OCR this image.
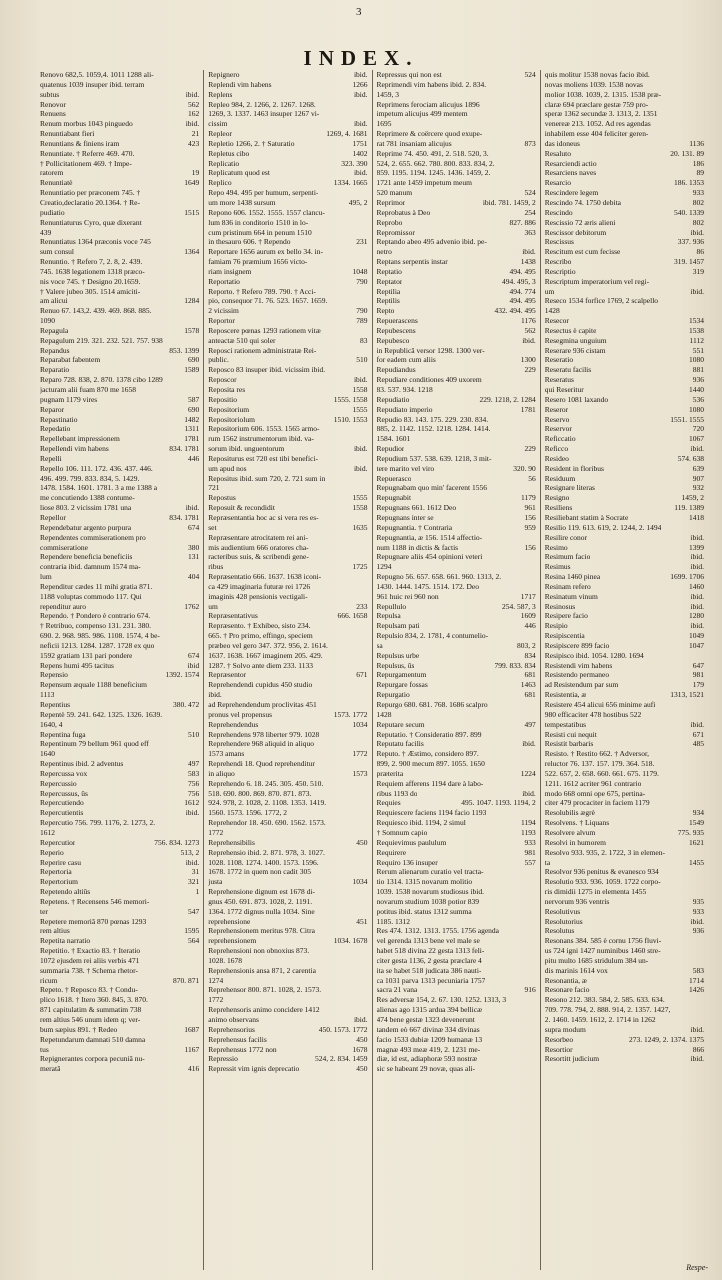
3
INDEX.
Renovo 682,5. 1059,4. 1011 1288 ali-
quatenus 1039 insuper ibid. terram
subtus	ibid.
Renovor	562
Renuens	162
Renum morbus 1043 pinguedo	ibid.
Renuntiabant fieri	21
Renuntians & finiens iram	423
Renuntiate. † Referre 469. 470.
† Pollicitationem 469. † Impe-
ratorem	19
Renuntiatè	1649
Renuntiatio per præconem 745. †
Creatio,declaratio 20.1364. † Re-
pudiatio	1515
Renuntiaturus Cyro, quæ dixerant
439
Renuntiatus 1364 præconis voce 745
sum consul	1364
Renuntio. † Refero 7, 2. 8, 2. 439.
745. 1638 legationem 1318 præco-
nis voce 745. † Designo 20.1659.
† Valere jubeo 305. 1514 amiciti-
am alicui	1284
Renuo 67. 143,2. 439. 469. 868. 885.
1090
Repagula	1578
Repagulum 219. 321. 232. 521. 757. 938
Repandus	853. 1399
Reparabat fabentem	690
Reparatio	1589
Reparo 728. 838, 2. 870. 1378 cibo 1289
jacturam alii fuam 870 me 1658
pugnam 1179 vires	587
Reparor	690
Repastinatio	1482
Repedatio	1311
Repellebant impressionem	1781
Repellendi vim habens	834. 1781
Repelli	446
Repello 106. 111. 172. 436. 437. 446.
496. 499. 799. 833. 834, 5. 1429.
1478. 1584. 1601. 1781. 3 a me 1388 a
me concutiendo 1388 contume-
liose 803. 2 vicissim 1781 una	ibid.
Repellor	834. 1781
Rependebatur argento purpura	674
Rependentes commiserationem pro
commiseratione	380
Rependere beneficia beneficiis	131
contraria ibid. damnum 1574 ma-
lum	404
Rependitur cædes 11 mihi gratia 871.
1188 voluptas commodo 117. Qui
rependitur auro	1762
Rependo. † Pondero è contrario 674.
† Retribuo, compenso 131. 231. 380.
690. 2. 968. 985. 986. 1108. 1574, 4 be-
neficii 1213. 1284. 1287. 1728 ex quo
1592 gratiam 131 pari pondere	674
Repens humi 495 tacitus	ibid
Repensio	1392. 1574
Repensum æquale 1188 beneficium
1113
Repentius	380. 472
Repentè 59. 241. 642. 1325. 1326. 1639.
1640, 4
Repentina fuga	510
Repentinum 79 bellum 961 quod eff
1640
Repentinus ibid. 2 adventus	497
Repercussa vox	583
Repercussio	756
Repercussus, ûs	756
Repercutiendo	1612
Repercutientis	ibid.
Repercutio 756. 799. 1176, 2. 1273, 2.
1612
Repercutior	756. 834. 1273
Reperio	513, 2
Reperire casu	ibid.
Repertoria	31
Repertorium	321
Repetendo altiûs	1
Repetens. † Recensens 546 memori-
ter	547
Repetere memoriâ 870 pœnas 1293
rem altius	1595
Repetita narratio	564
Repetitio. † Exactio 83. † Iteratio
1072 ejusdem rei aliis verbis 471
summaria 738. † Schema rhetor-
ricum	870. 871
Repeto. † Reposco 83. † Condu-
plico 1618. † Itero 360. 845, 3. 870.
871 capitulatim & summatim 738
rem altius 546 unum idem q; ver-
bum sæpius 891. † Redeo	1687
Repetundarum damnati 510 damna
tus	1167
Repignerantes corpora pecuniâ nu-
meratâ	416
Repignero	ibid.
Replendi vim habens	1266
Replens	ibid.
Repleo 984, 2. 1266, 2. 1267. 1268.
1269, 3. 1337. 1463 insuper 1267 vi-
cissim	ibid.
Repleor	1269, 4. 1681
Repletio 1266, 2. † Saturatio	1751
Repletus cibo	1402
Replicatio	323. 390
Replicatum quod est	ibid.
Replico	1334. 1665
Repo 494. 495 per humum, serpenti-
um more 1438 sursum	495, 2
Repono 606. 1552. 1555. 1557 clancu-
lum 836 in conditorio 1510 in lo-
cum pristinum 664 in penum 1510
in thesauro 606. † Rependo	231
Reportare 1656 aurum ex bello 34. in-
famiam 76 præmium 1656 victo-
riam insignem	1048
Reportatio	790
Reporto. † Refero 789. 790. † Acci-
pio, consequor 71. 76. 523. 1657. 1659.
2 vicissim	790
Reportor	789
Reposcere pœnas 1293 rationem vitæ
anteactæ 510 qui soler	83
Reposci rationem administratæ Rei-
public.	510
Reposco 83 insuper ibid. vicissim ibid.
Reposcor	ibid.
Reposita res	1558
Repositio	1555. 1558
Repositorium	1555
Repositoriolum	1510. 1553
Repositorium 606. 1553. 1565 armo-
rum 1562 instrumentorum ibid. va-
sorum ibid. unguentorum	ibid.
Repositurus est 720 est tibi benefici-
um apud nos	ibid.
Repositus ibid. sum 720, 2. 721 sum in
721
Repostus	1555
Reposuit & recondidit	1558
Repræsentantia hoc ac si vera res es-
set	1635
Repræsentare atrocitatem rei ani-
mis audientium 666 oratores cha-
racteribus suis, & scribendi gene-
ribus	1725
Repræsentatio 666. 1637. 1638 iconi-
ca 429 imaginaria futuræ rei 1726
imaginis 428 pensionis vectigali-
um	233
Repræsentativus	666. 1658
Repræsento. † Exhibeo, sisto 234.
665. † Pro primo, effingo, speciem
præbeo vel gero 347. 372. 956, 2. 1614.
1637. 1638. 1667 imaginem 205. 429.
1287. † Solvo ante diem 233. 1133
Repræsentor	671
Reprehendendi cupidus 450 studio
ibid.
ad Reprehendendum proclivitas 451
pronus vel propensus	1573. 1772
Reprehendendus	1034
Reprehendens 978 liberter 979. 1028
Reprehendere 968 aliquid in aliquo
1573 amans	1772
Reprehendi 18. Quod reprehenditur
in aliquo	1573
Reprehendo 6. 18. 245. 305. 450. 510.
518. 690. 800. 869. 870. 871. 873.
924. 978, 2. 1028, 2. 1108. 1353. 1419.
1560. 1573. 1596. 1772, 2
Reprehendor 18. 450. 690. 1562. 1573.
1772
Reprehensibilis	450
Reprehensio ibid. 2. 871. 978, 3. 1027.
1028. 1108. 1274. 1400. 1573. 1596.
1678. 1772 in quem non cadit 305
justa	1034
Reprehensione dignum est 1678 di-
gnus 450. 691. 873. 1028, 2. 1191.
1364. 1772 dignus nulla 1034. Sine
reprehensione	451
Reprehensionem meritus 978. Citra
reprehensionem	1034. 1678
Reprehensioni non obnoxius 873.
1028. 1678
Reprehensionis ansa 871, 2 carentia
1274
Reprehensor 800. 871. 1028, 2. 1573.
1772
Reprehensoris animo concidere 1412
animo observans	ibid.
Reprehensorius	450. 1573. 1772
Reprehensus facilis	450
Reprehensus 1772 non	1678
Repressio	524, 2. 834. 1459
Repressit vim ignis deprecatio	450
Repressus qui non est	524
Reprimendi vim habens ibid. 2. 834.
1459, 3
Reprimens ferociam alicujus 1896
impetum alicujus 499 mentem
1695
Reprimere & coërcere quod exupe-
rat 781 insaniam alicujus	873
Reprime 74. 450. 491, 2. 518. 520, 3.
524, 2. 655. 662. 780. 800. 833. 834, 2.
859. 1195. 1194. 1245. 1436. 1459, 2.
1721 ante 1459 impetum meum
520 manum	524
Reprimor	ibid. 781. 1459, 2
Reprobatus à Deo	254
Reprobo	827. 886
Repromissor	363
Reptando abeo 495 advenio ibid. pe-
netro	ibid.
Reptans serpentis instar	1438
Reptatio	494. 495
Reptator	494. 495, 3
Reptilia	494. 774
Reptilis	494. 495
Repto	432. 494. 495
Repuerascens	1176
Repubescens	562
Repubesco	ibid.
in Republicâ versor 1298. 1300 ver-
for eadem cum aliis	1300
Repudiandus	229
Repudiare conditiones 409 uxorem
83. 537. 934. 1218
Repudiatio	229. 1218, 2. 1284
Repudiato imperio	1781
Repudio 83. 143. 175. 229. 230. 834.
885, 2. 1142. 1152. 1218. 1284. 1414.
1584. 1601
Repudior	229
Repudium 537. 538. 639. 1218, 3 mit-
tere marito vel viro	320. 90
Repuerasco	56
Repugnabam quo min' facerent 1556
Repugnabit	1179
Repugnans 661. 1612 Deo	961
Repugnans inter se	156
Repugnantia. † Contraria	959
Repugnantia, æ 156. 1514 affectio-
num 1188 in dictis & factis	156
Repugnare aliis 454 opinioni veteri
1294
Repugno 56. 657. 658. 661. 960. 1313, 2.
1430. 1444. 1475. 1514. 172. Deo
961 huic rei 960 non	1717
Repullulo	254. 587, 3
Repulsa	1609
Repulsam pati	446
Repulsio 834, 2. 1781, 4 contumelio-
sa	803, 2
Repulsus urbe	834
Repulsus, ûs	799. 833. 834
Repurgamentum	681
Repurgare fossas	1463
Repurgatio	681
Repurgo 680. 681. 768. 1686 scalpro
1428
Reputare secum	497
Reputatio. † Consideratio 897. 899
Reputatu facilis	ibid.
Reputo. † Æstimo, considero 897.
899, 2. 900 mecum 897. 1055. 1650
præterita	1224
Requiem afferens 1194 dare à labo-
ribus 1193 do	ibid.
Requies	495. 1047. 1193. 1194, 2
Requiescere faciens 1194 facio 1193
Requiesco ibid. 1194, 2 simul	1194
† Somnum capio	1193
Requievimus paululum	933
Requirere	981
Requiro 136 insuper	557
Rerum alienarum curatio vel tracta-
tio 1314. 1315 novarum molitio
1039. 1538 novarum studiosus ibid.
novarum studium 1038 potior 839
potitus ibid. status 1312 summa
1185. 1312
Res 474. 1312. 1313. 1755. 1756 agenda
vel gerenda 1313 bene vel male se
habet 518 divina 22 gesta 1313 feli-
citer gesta 1136, 2 gesta præclare 4
ita se habet 518 judicata 386 nauti-
ca 1031 parva 1313 pecuniaria 1757
sacra 21 vana	916
Res adversæ 154, 2. 67. 130. 1252. 1313, 3
alienas ago 1315 ardua 394 bellicæ
474 bene gestæ 1323 devenerunt
tandem eò 667 divinæ 334 divinas
facio 1533 dubiæ 1209 humanæ 13
magnæ 493 meæ 419, 2. 1231 me-
diæ, id est, adiaphoræ 593 nostræ
sic se habeant 29 novæ, quas ali-
quis molitur 1538 novas facio ibid.
novas moliens 1039. 1538 novas
molior 1038. 1039, 2. 1315. 1538 præ-
claræ 694 præclare gestæ 759 pro-
speræ 1362 secundæ 3. 1313, 2. 1351
venereæ 213. 1052. Ad res agendas
inhabilem esse 404 feliciter geren-
das idoneus	1136
Resaluto	20. 131. 89
Resarciendi actio	186
Resarciens naves	89
Resarcio	186. 1353
Rescindere legem	933
Rescindo 74. 1750 debita	802
Rescindo	540. 1339
Rescissio 72 æris alieni	802
Rescissor debitorum	ibid.
Rescissus	337. 936
Rescitum est cum fecisse	86
Rescribo	319. 1457
Rescriptio	319
Rescriptum imperatorium vel regi-
um	ibid.
Reseco 1534 forfice 1769, 2 scalpello
1428
Resecor	1534
Resectus è capite	1538
Resegmina unguium	1112
Reserare 936 cistam	551
Reseratio	1080
Reseratu facilis	881
Reseratus	936
qui Reseritur	1440
Resero 1081 laxando	536
Reseror	1080
Reservo	1551. 1555
Reservor	720
Reficcatio	1067
Reficco	ibid.
Resideo	574. 638
Resident in floribus	639
Residuum	907
Resignare literas	932
Resigno	1459, 2
Resiliens	119. 1389
Resiliebant statim à Socrate	1418
Resilio 119. 613. 619, 2. 1244, 2. 1494
Resilire conor	ibid.
Resimo	1399
Resimum facio	ibid.
Resimus	ibid.
Resina 1460 pinea	1699. 1706
Resinam refero	1460
Resinatum vinum	ibid.
Resinosus	ibid.
Resipere facio	1280
Resipio	ibid.
Resipiscentia	1049
Resipiscere 899 facio	1047
Resipisco ibid. 1054. 1280. 1694
Resistendi vim habens	647
Resistendo permaneo	981
ad Resistendum par sum	179
Resistentia, æ	1313, 1521
Resistere 454 alicui 656 minime aufi
980 efficaciter 478 hostibus 522
tempestatibus	ibid.
Resisti cui nequit	671
Resistit barbaris	485
Resisto. † Restito 662. † Adversor,
reluctor 76. 137. 157. 179. 364. 518.
522. 657, 2. 658. 660. 661. 675. 1179.
1211. 1612 acriter 961 contrario
modo 668 omni ope 675, pertina-
citer 479 procaciter in faciem 1179
Resolubilis ægrè	934
Resolvens. † Liquans	1549
Resolvere alvum	775. 935
Resolvi in humorem	1621
Resolvo 933. 935, 2. 1722, 3 in elemen-
ta	1455
Resolvor 936 penitus & evanesco 934
Resolutio 933. 936. 1059. 1722 corpo-
ris dimidii 1275 in elementa 1455
nervorum 936 ventris	935
Resolutivus	933
Resolutorius	ibid.
Resolutus	936
Resonans 384. 585 è cornu 1756 fluvi-
us 724 igni 1427 numinibus 1460 stre-
pitu multo 1685 stridulum 384 un-
dis marinis 1614 vox	583
Resonantia, æ	1714
Resonare facio	1426
Resono 212. 383. 584, 2. 585. 633. 634.
709. 778. 794, 2. 888. 914, 2. 1357. 1427,
2. 1460. 1459. 1612, 2. 1714 in 1262
supra modum	ibid.
Resorbeo	273. 1249, 2. 1374. 1375
Resortior	866
Resortitt judicium	ibid.
Respe-
